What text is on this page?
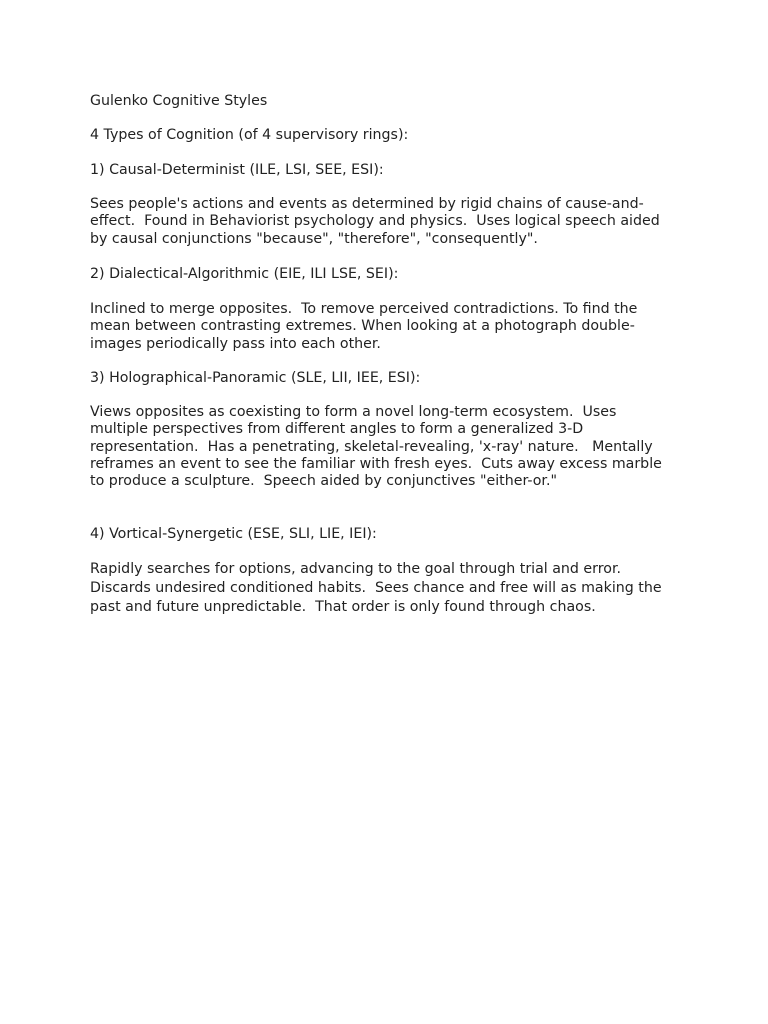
Gulenko Cognitive Styles
4 Types of Cognition (of 4 supervisory rings):
1) Causal-Determinist (ILE, LSI, SEE, ESI):
Sees people's actions and events as determined by rigid chains of cause-and-
effect.  Found in Behaviorist psychology and physics.  Uses logical speech aided
by causal conjunctions "because", "therefore", "consequently".
2) Dialectical-Algorithmic (EIE, ILI LSE, SEI):
Inclined to merge opposites.  To remove perceived contradictions. To find the
mean between contrasting extremes. When looking at a photograph double-
images periodically pass into each other.
3) Holographical-Panoramic (SLE, LII, IEE, ESI):
Views opposites as coexisting to form a novel long-term ecosystem.  Uses
multiple perspectives from different angles to form a generalized 3-D
representation.  Has a penetrating, skeletal-revealing, 'x-ray' nature.   Mentally
reframes an event to see the familiar with fresh eyes.  Cuts away excess marble
to produce a sculpture.  Speech aided by conjunctives "either-or."
4) Vortical-Synergetic (ESE, SLI, LIE, IEI):
Rapidly searches for options, advancing to the goal through trial and error.
Discards undesired conditioned habits.  Sees chance and free will as making the
past and future unpredictable.  That order is only found through chaos.
